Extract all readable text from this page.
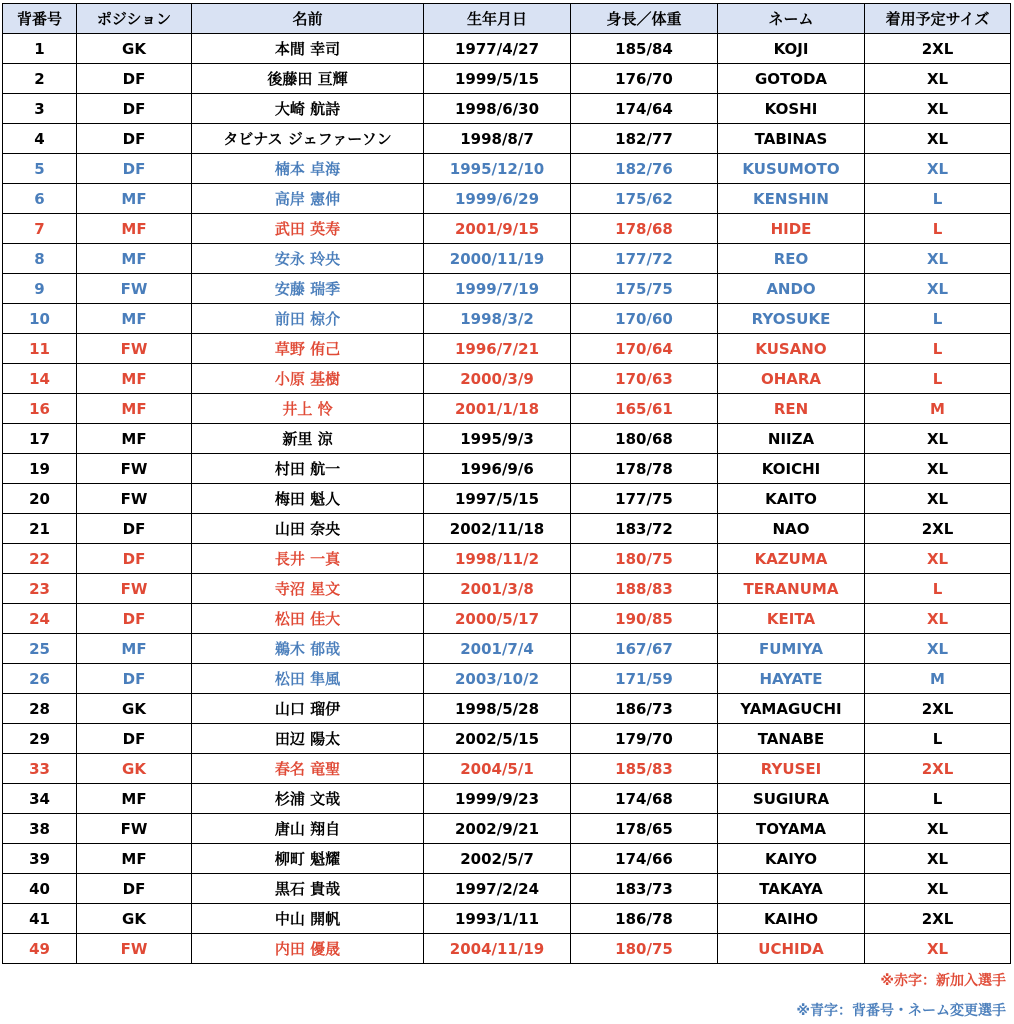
背番号	ポジション	名前	生年月日	身長／体重	ネーム	着用予定サイズ
1	GK	本間 幸司	1977/4/27	185/84	KOJI	2XL
2	DF	後藤田 亘輝	1999/5/15	176/70	GOTODA	XL
3	DF	大崎 航詩	1998/6/30	174/64	KOSHI	XL
4	DF	タビナス ジェファーソン	1998/8/7	182/77	TABINAS	XL
5	DF	楠本 卓海	1995/12/10	182/76	KUSUMOTO	XL
6	MF	高岸 憲伸	1999/6/29	175/62	KENSHIN	L
7	MF	武田 英寿	2001/9/15	178/68	HIDE	L
8	MF	安永 玲央	2000/11/19	177/72	REO	XL
9	FW	安藤 瑞季	1999/7/19	175/75	ANDO	XL
10	MF	前田 椋介	1998/3/2	170/60	RYOSUKE	L
11	FW	草野 侑己	1996/7/21	170/64	KUSANO	L
14	MF	小原 基樹	2000/3/9	170/63	OHARA	L
16	MF	井上 怜	2001/1/18	165/61	REN	M
17	MF	新里 涼	1995/9/3	180/68	NIIZA	XL
19	FW	村田 航一	1996/9/6	178/78	KOICHI	XL
20	FW	梅田 魁人	1997/5/15	177/75	KAITO	XL
21	DF	山田 奈央	2002/11/18	183/72	NAO	2XL
22	DF	長井 一真	1998/11/2	180/75	KAZUMA	XL
23	FW	寺沼 星文	2001/3/8	188/83	TERANUMA	L
24	DF	松田 佳大	2000/5/17	190/85	KEITA	XL
25	MF	鵜木 郁哉	2001/7/4	167/67	FUMIYA	XL
26	DF	松田 隼風	2003/10/2	171/59	HAYATE	M
28	GK	山口 瑠伊	1998/5/28	186/73	YAMAGUCHI	2XL
29	DF	田辺 陽太	2002/5/15	179/70	TANABE	L
33	GK	春名 竜聖	2004/5/1	185/83	RYUSEI	2XL
34	MF	杉浦 文哉	1999/9/23	174/68	SUGIURA	L
38	FW	唐山 翔自	2002/9/21	178/65	TOYAMA	XL
39	MF	柳町 魁耀	2002/5/7	174/66	KAIYO	XL
40	DF	黒石 貴哉	1997/2/24	183/73	TAKAYA	XL
41	GK	中山 開帆	1993/1/11	186/78	KAIHO	2XL
49	FW	内田 優晟	2004/11/19	180/75	UCHIDA	XL
※赤字：新加入選手
※青字：背番号・ネーム変更選手
